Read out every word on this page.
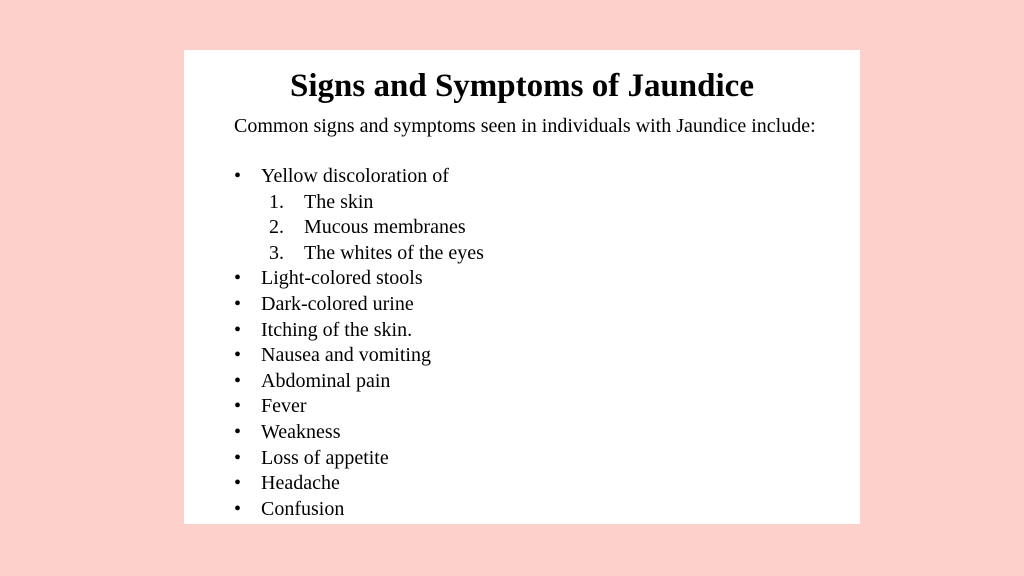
Signs and Symptoms of Jaundice

Common signs and symptoms seen in individuals with Jaundice include:

• Yellow discoloration of
1.	The skin
2.	Mucous membranes
3.	The whites of the eyes
• Light-colored stools
• Dark-colored urine
• Itching of the skin.
• Nausea and vomiting
• Abdominal pain
• Fever
• Weakness
• Loss of appetite
• Headache
• Confusion
